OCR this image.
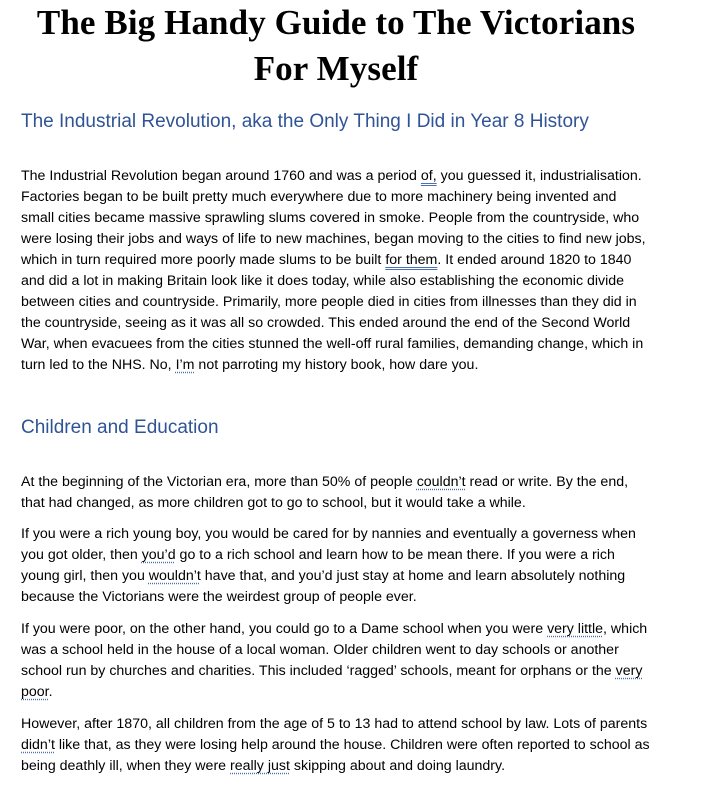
The Big Handy Guide to The Victorians
For Myself
The Industrial Revolution, aka the Only Thing I Did in Year 8 History

The Industrial Revolution began around 1760 and was a period of, you guessed it, industrialisation. Factories began to be built pretty much everywhere due to more machinery being invented and small cities became massive sprawling slums covered in smoke. People from the countryside, who were losing their jobs and ways of life to new machines, began moving to the cities to find new jobs, which in turn required more poorly made slums to be built for them. It ended around 1820 to 1840 and did a lot in making Britain look like it does today, while also establishing the economic divide between cities and countryside. Primarily, more people died in cities from illnesses than they did in the countryside, seeing as it was all so crowded. This ended around the end of the Second World War, when evacuees from the cities stunned the well-off rural families, demanding change, which in turn led to the NHS. No, I’m not parroting my history book, how dare you.

Children and Education

At the beginning of the Victorian era, more than 50% of people couldn’t read or write. By the end, that had changed, as more children got to go to school, but it would take a while.

If you were a rich young boy, you would be cared for by nannies and eventually a governess when you got older, then you’d go to a rich school and learn how to be mean there. If you were a rich young girl, then you wouldn’t have that, and you’d just stay at home and learn absolutely nothing because the Victorians were the weirdest group of people ever.

If you were poor, on the other hand, you could go to a Dame school when you were very little, which was a school held in the house of a local woman. Older children went to day schools or another school run by churches and charities. This included ‘ragged’ schools, meant for orphans or the very poor.

However, after 1870, all children from the age of 5 to 13 had to attend school by law. Lots of parents didn’t like that, as they were losing help around the house. Children were often reported to school as being deathly ill, when they were really just skipping about and doing laundry.
